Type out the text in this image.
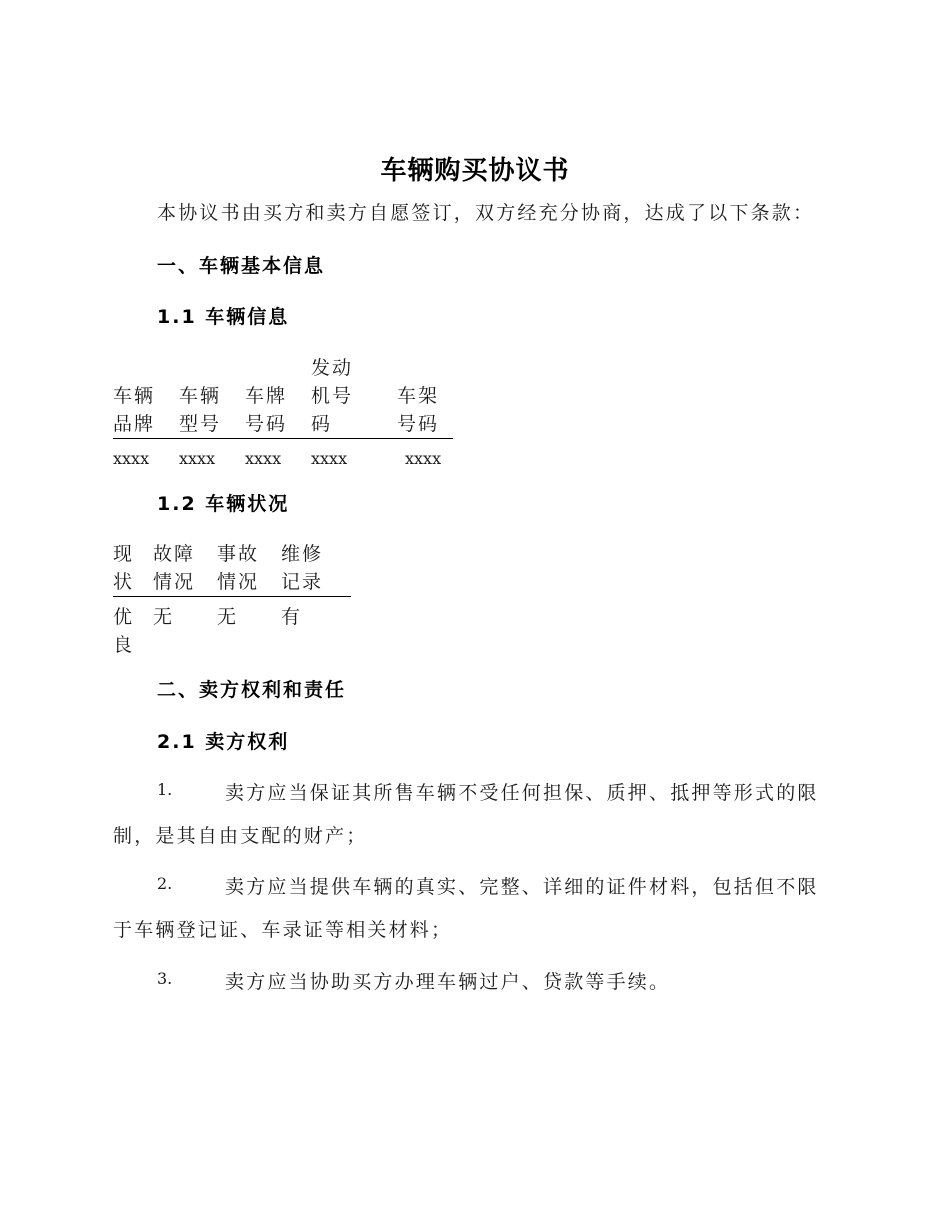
车辆购买协议书
本协议书由买方和卖方自愿签订，双方经充分协商，达成了以下条款：
一、车辆基本信息
1.1 车辆信息
车辆品牌	车辆型号	车牌号码	发动机号码	车架号码
xxxx	xxxx	xxxx	xxxx	xxxx
1.2 车辆状况
现状	故障情况	事故情况	维修记录
优良	无	无	有
二、卖方权利和责任
2.1 卖方权利
1.	卖方应当保证其所售车辆不受任何担保、质押、抵押等形式的限
制，是其自由支配的财产；
2.	卖方应当提供车辆的真实、完整、详细的证件材料，包括但不限
于车辆登记证、车录证等相关材料；
3.	卖方应当协助买方办理车辆过户、贷款等手续。
